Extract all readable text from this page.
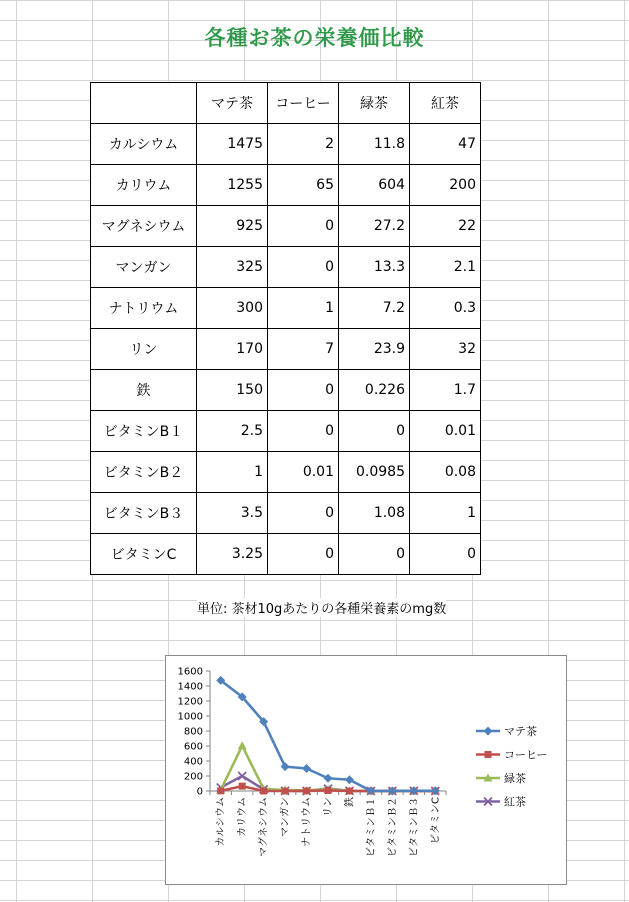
各種お茶の栄養価比較
	マテ茶	コーヒー	緑茶	紅茶
カルシウム	1475	2	11.8	47
カリウム	1255	65	604	200
マグネシウム	925	0	27.2	22
マンガン	325	0	13.3	2.1
ナトリウム	300	1	7.2	0.3
リン	170	7	23.9	32
鉄	150	0	0.226	1.7
ビタミンB１	2.5	0	0	0.01
ビタミンB２	1	0.01	0.0985	0.08
ビタミンB３	3.5	0	1.08	1
ビタミンC	3.25	0	0	0
単位: 茶材10gあたりの各種栄養素のmg数
0
200
400
600
800
1000
1200
1400
1600
カルシウム カリウム マグネシウム マンガン ナトリウム リン 鉄 ビタミンＢ１ ビタミンＢ２ ビタミンＢ３ ビタミンC
マテ茶
コーヒー
緑茶
紅茶
